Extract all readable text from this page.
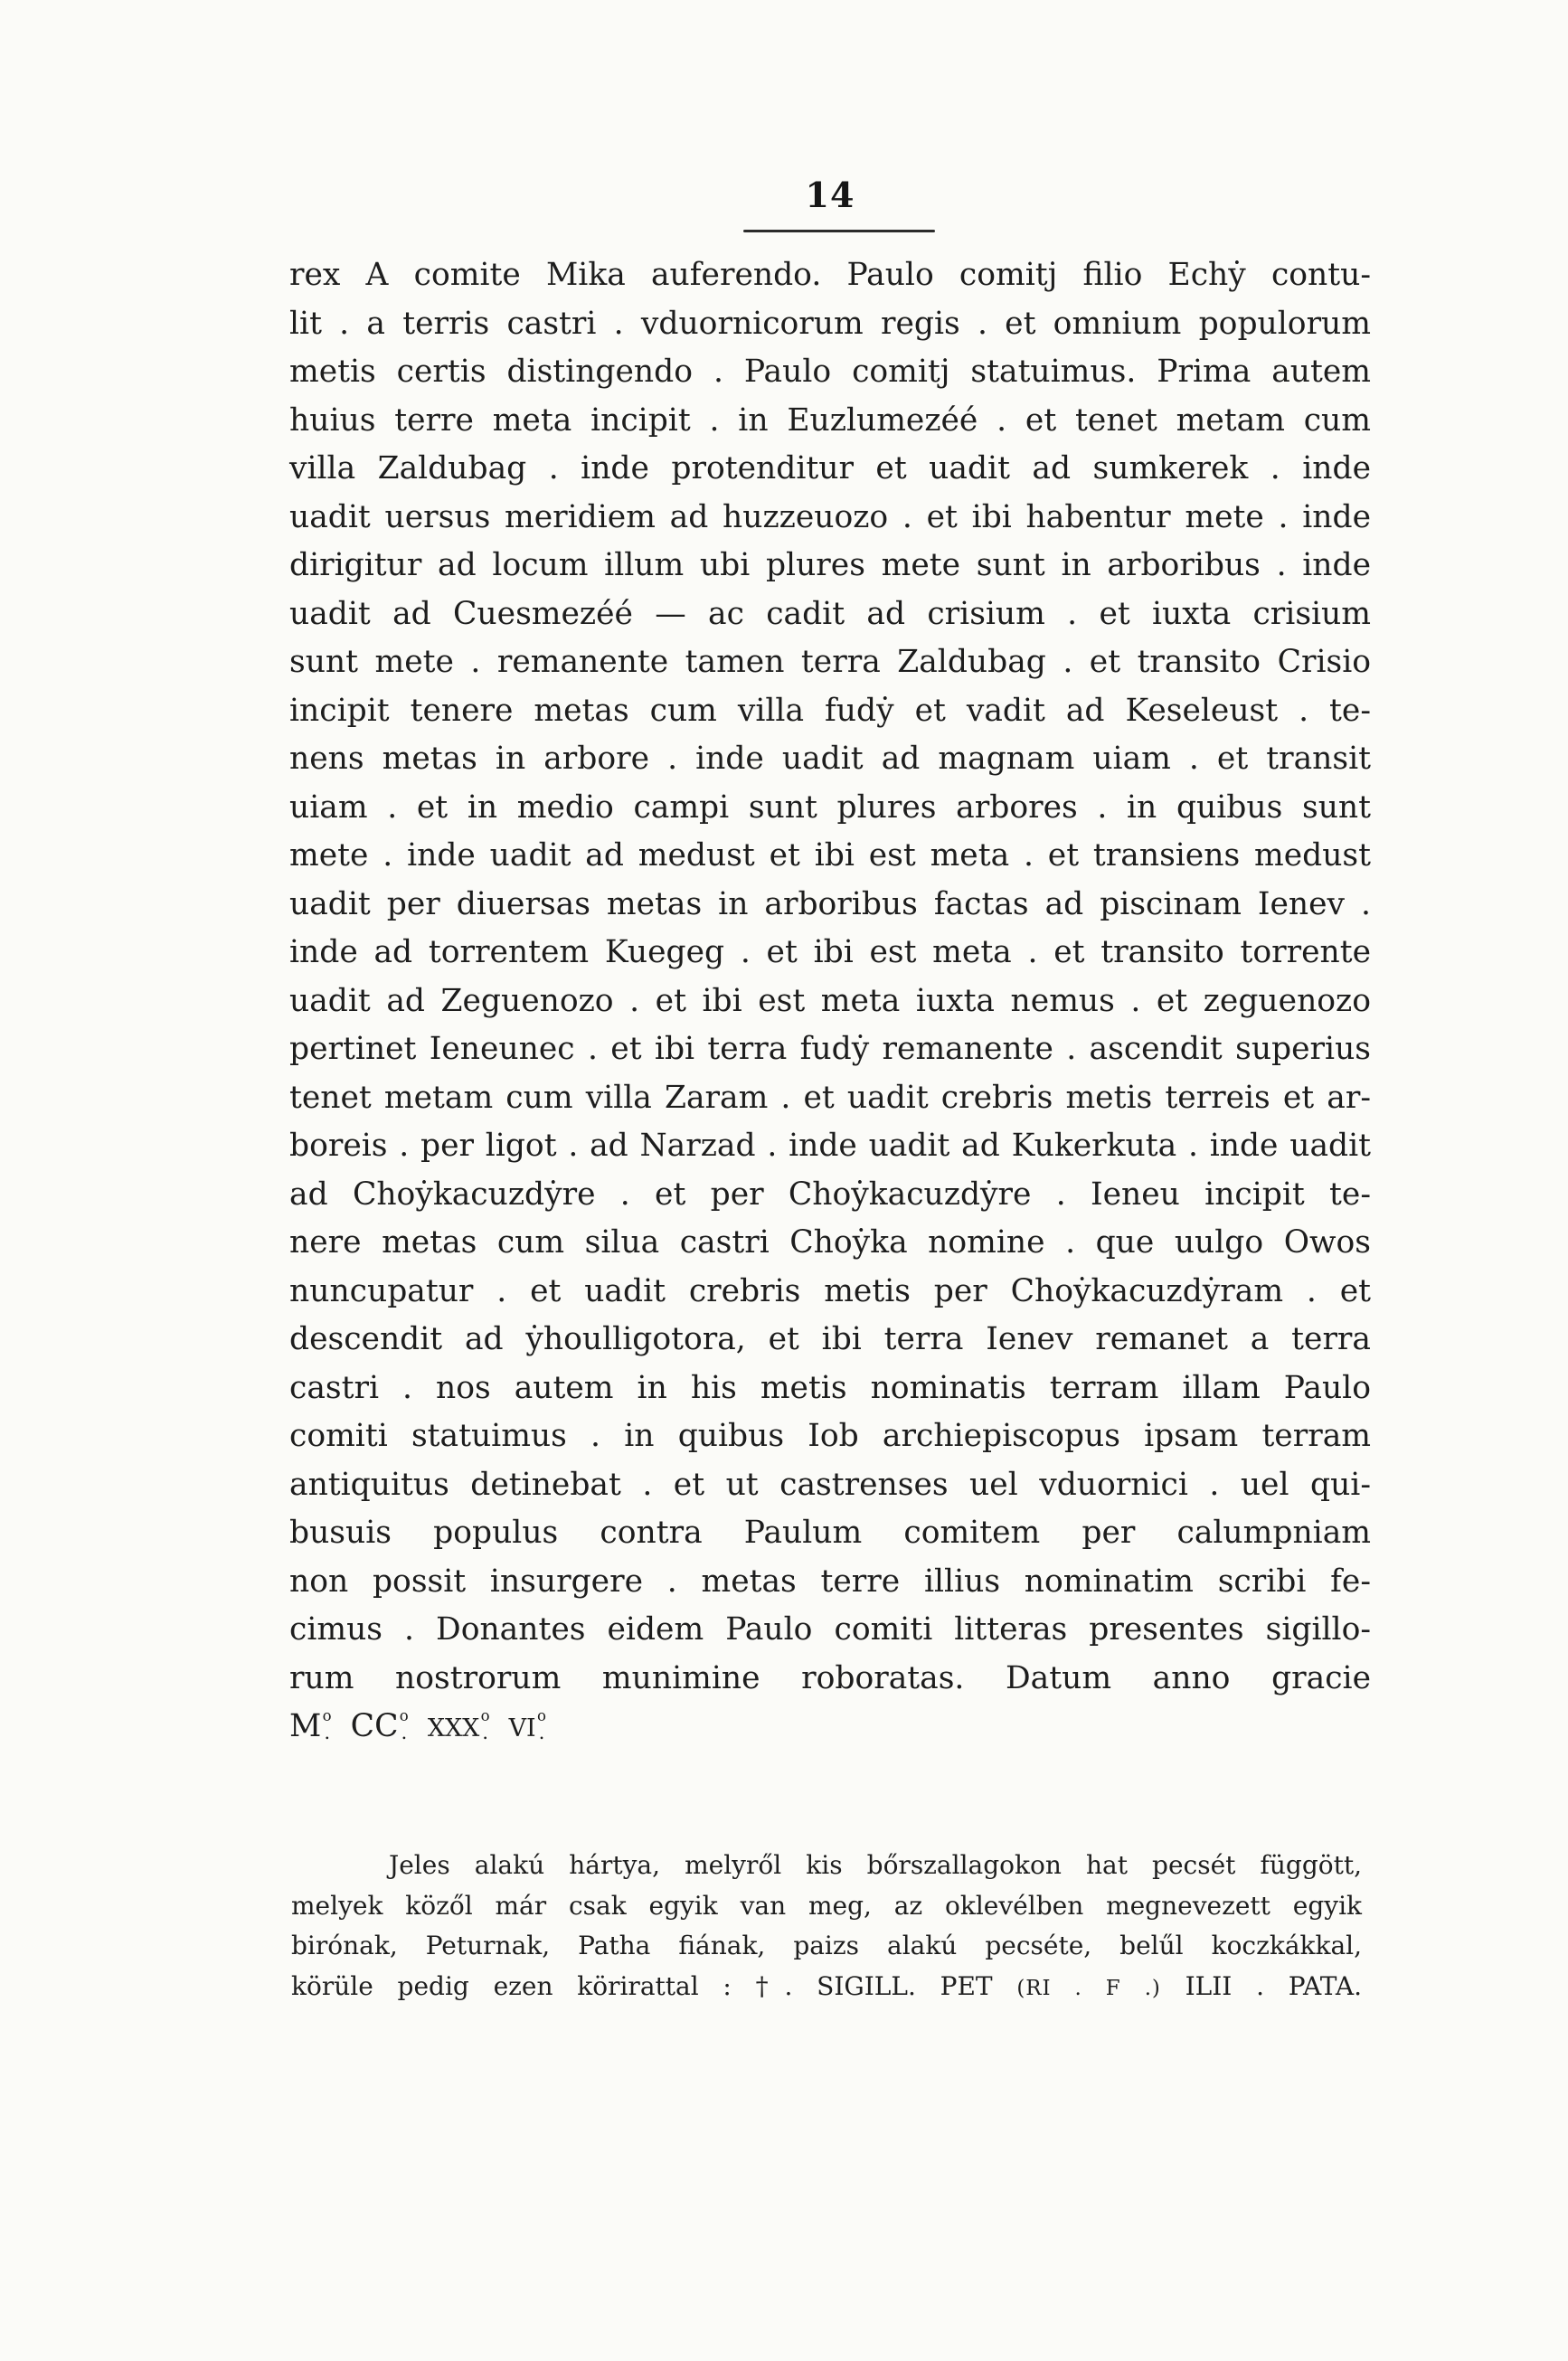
14
rex A comite Mika auferendo. Paulo comitj filio Echẏ contu-
lit . a terris castri . vduornicorum regis . et omnium populorum
metis certis distingendo . Paulo comitj statuimus. Prima autem
huius terre meta incipit . in Euzlumezéé . et tenet metam cum
villa Zaldubag . inde protenditur et uadit ad sumkerek . inde
uadit uersus meridiem ad huzzeuozo . et ibi habentur mete . inde
dirigitur ad locum illum ubi plures mete sunt in arboribus . inde
uadit ad Cuesmezéé — ac cadit ad crisium . et iuxta crisium
sunt mete . remanente tamen terra Zaldubag . et transito Crisio
incipit tenere metas cum villa fudẏ et vadit ad Keseleust . te-
nens metas in arbore . inde uadit ad magnam uiam . et transit
uiam . et in medio campi sunt plures arbores . in quibus sunt
mete . inde uadit ad medust et ibi est meta . et transiens medust
uadit per diuersas metas in arboribus factas ad piscinam Ienev .
inde ad torrentem Kuegeg . et ibi est meta . et transito torrente
uadit ad Zeguenozo . et ibi est meta iuxta nemus . et zeguenozo
pertinet Ieneunec . et ibi terra fudẏ remanente . ascendit superius
tenet metam cum villa Zaram . et uadit crebris metis terreis et ar-
boreis . per ligot . ad Narzad . inde uadit ad Kukerkuta . inde uadit
ad Choẏkacuzdẏre . et per Choẏkacuzdẏre . Ieneu incipit te-
nere metas cum silua castri Choẏka nomine . que uulgo Owos
nuncupatur . et uadit crebris metis per Choẏkacuzdẏram . et
descendit ad ẏhoulligotora, et ibi terra Ienev remanet a terra
castri . nos autem in his metis nominatis terram illam Paulo
comiti statuimus . in quibus Iob archiepiscopus ipsam terram
antiquitus detinebat . et ut castrenses uel vduornici . uel qui-
busuis populus contra Paulum comitem per calumpniam
non possit insurgere . metas terre illius nominatim scribi fe-
cimus . Donantes eidem Paulo comiti litteras presentes sigillo-
rum nostrorum munimine roboratas. Datum anno gracie
M o
. CC o
. XXX o
. VI o
.
Jeles alakú hártya, melyről kis bőrszallagokon hat pecsét függött,
melyek közől már csak egyik van meg, az oklevélben megnevezett egyik
birónak, Peturnak, Patha fiának, paizs alakú pecséte, belűl koczkákkal,
körüle pedig ezen körirattal : †. SIGILL. PET (RI . F .) ILII . PATA.
